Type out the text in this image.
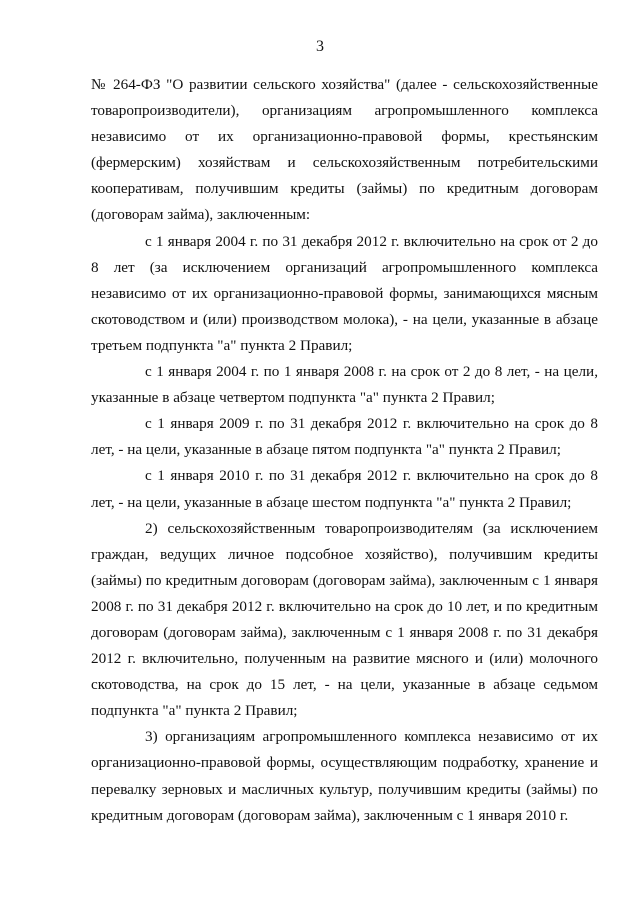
3

№ 264-ФЗ "О развитии сельского хозяйства" (далее - сельскохозяйственные товаропроизводители), организациям агропромышленного комплекса независимо от их организационно-правовой формы, крестьянским (фермерским) хозяйствам и сельскохозяйственным потребительскими кооперативам, получившим кредиты (займы) по кредитным договорам (договорам займа), заключенным:

с 1 января 2004 г. по 31 декабря 2012 г. включительно на срок от 2 до 8 лет (за исключением организаций агропромышленного комплекса независимо от их организационно-правовой формы, занимающихся мясным скотоводством и (или) производством молока), - на цели, указанные в абзаце третьем подпункта "а" пункта 2 Правил;

с 1 января 2004 г. по 1 января 2008 г. на срок от 2 до 8 лет, - на цели, указанные в абзаце четвертом подпункта "а" пункта 2 Правил;

с 1 января 2009 г. по 31 декабря 2012 г. включительно на срок до 8 лет, - на цели, указанные в абзаце пятом подпункта "а" пункта 2 Правил;

с 1 января 2010 г. по 31 декабря 2012 г. включительно на срок до 8 лет, - на цели, указанные в абзаце шестом подпункта "а" пункта 2 Правил;

2) сельскохозяйственным товаропроизводителям (за исключением граждан, ведущих личное подсобное хозяйство), получившим кредиты (займы) по кредитным договорам (договорам займа), заключенным с 1 января 2008 г. по 31 декабря 2012 г. включительно на срок до 10 лет, и по кредитным договорам (договорам займа), заключенным с 1 января 2008 г. по 31 декабря 2012 г. включительно, полученным на развитие мясного и (или) молочного скотоводства, на срок до 15 лет, - на цели, указанные в абзаце седьмом подпункта "а" пункта 2 Правил;

3) организациям агропромышленного комплекса независимо от их организационно-правовой формы, осуществляющим подработку, хранение и перевалку зерновых и масличных культур, получившим кредиты (займы) по кредитным договорам (договорам займа), заключенным с 1 января 2010 г.
